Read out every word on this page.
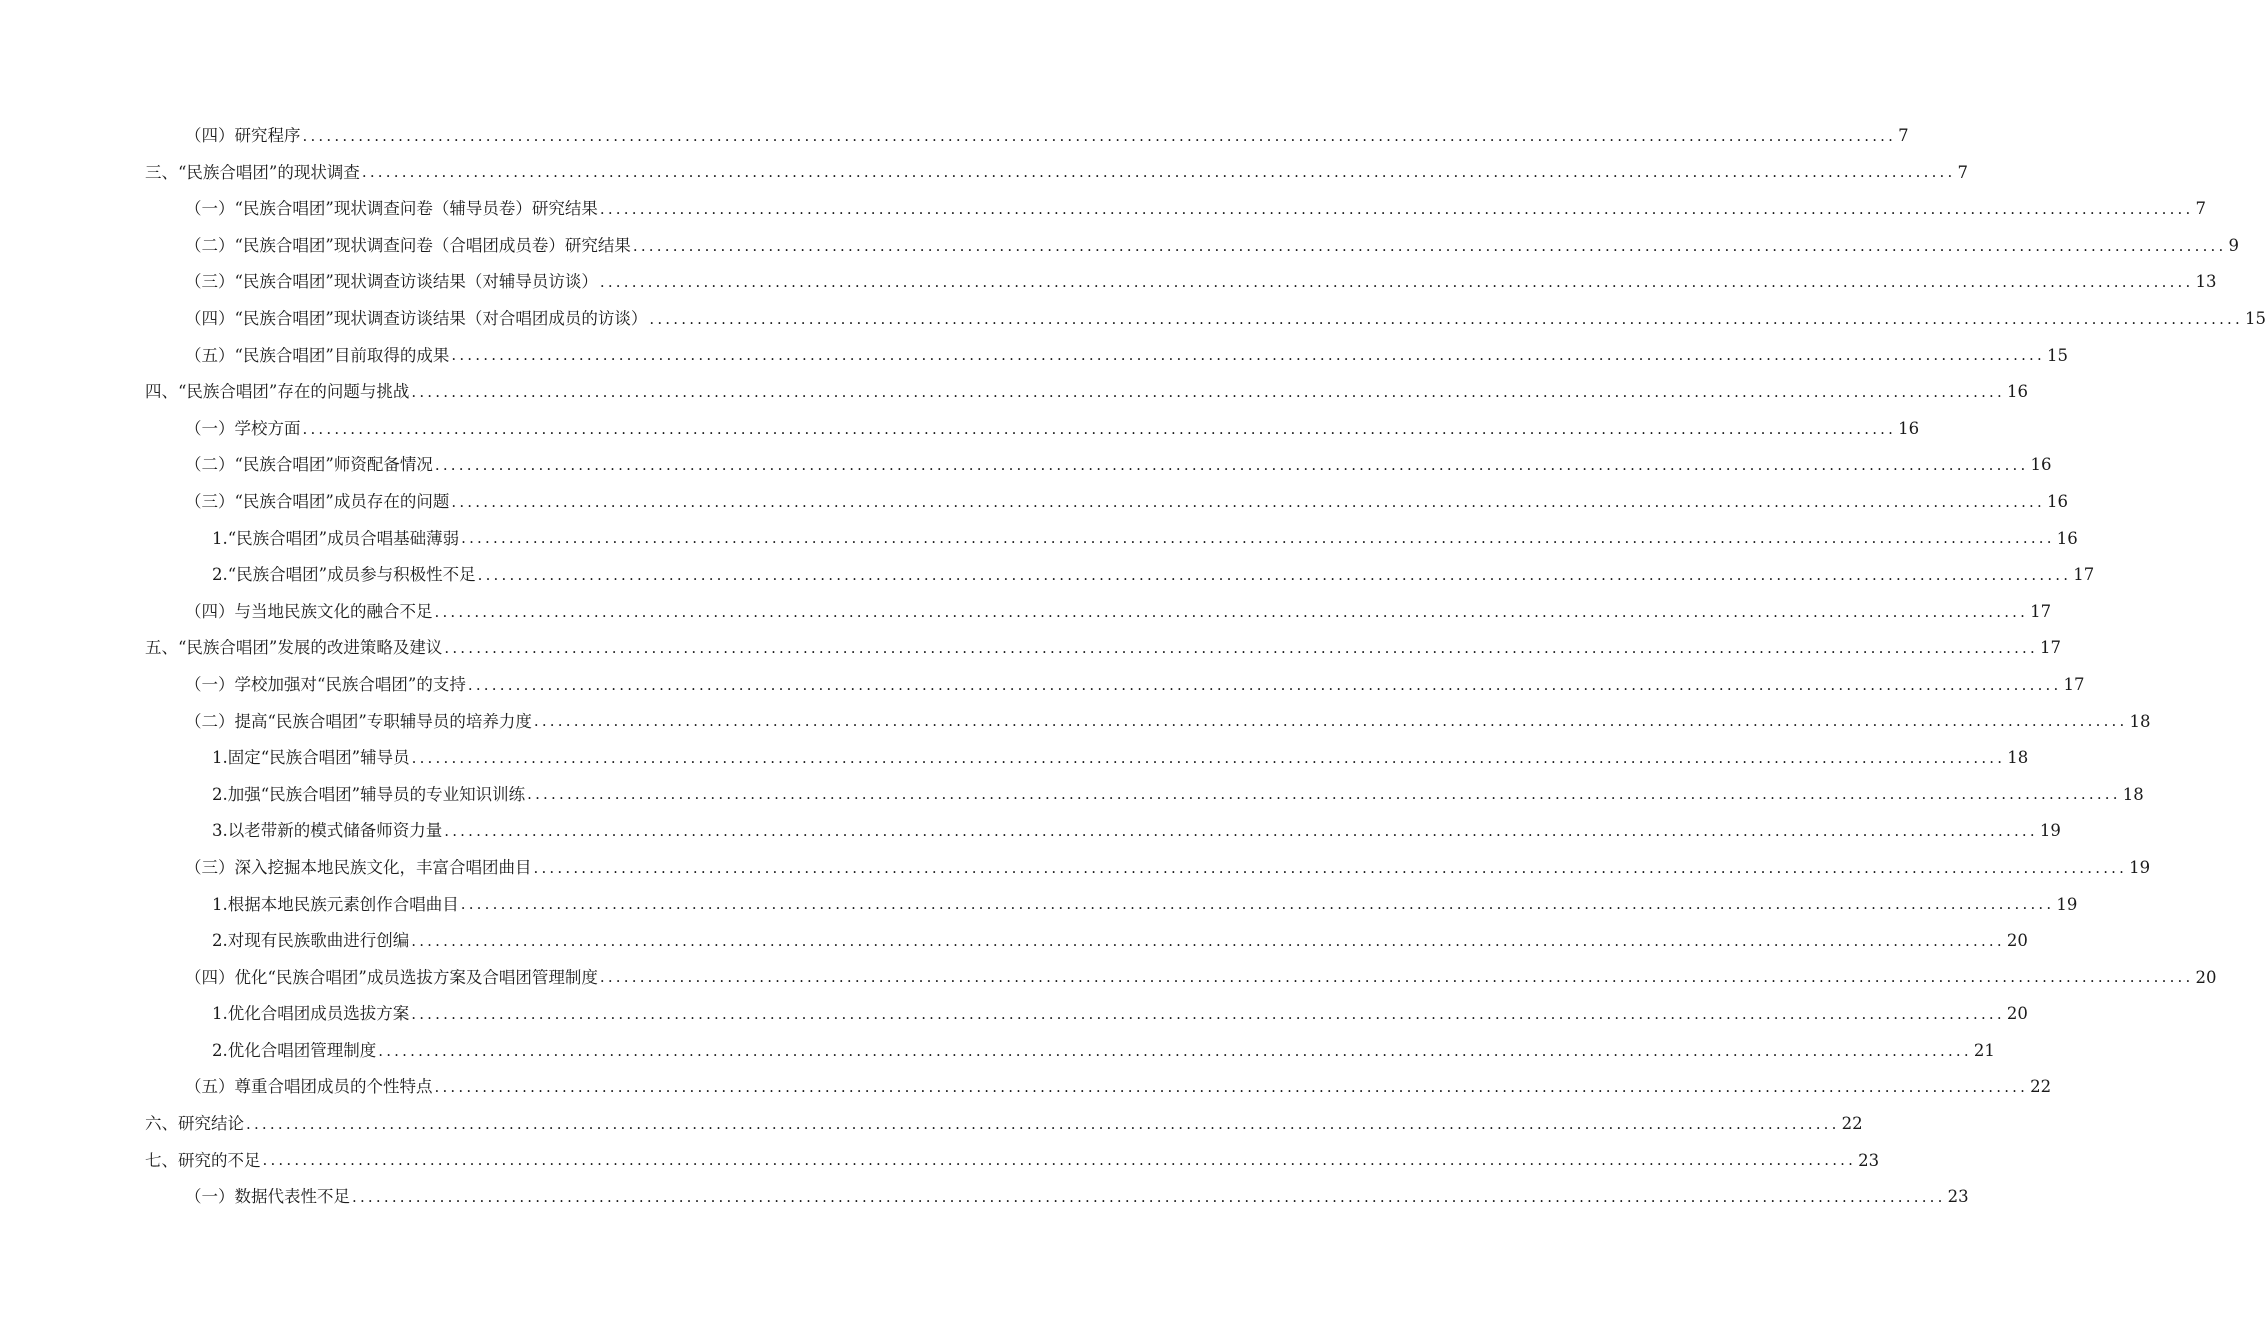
（四）研究程序 ........................................................................................................................................................................................................ 7
三、“民族合唱团”的现状调查 ........................................................................................................................................................................................................ 7
（一）“民族合唱团”现状调查问卷（辅导员卷）研究结果 ........................................................................................................................................................................................................ 7
（二）“民族合唱团”现状调查问卷（合唱团成员卷）研究结果 ........................................................................................................................................................................................................ 9
（三）“民族合唱团”现状调查访谈结果（对辅导员访谈） ........................................................................................................................................................................................................ 13
（四）“民族合唱团”现状调查访谈结果（对合唱团成员的访谈） ........................................................................................................................................................................................................ 15
（五）“民族合唱团”目前取得的成果 ........................................................................................................................................................................................................ 15
四、“民族合唱团”存在的问题与挑战 ........................................................................................................................................................................................................ 16
（一）学校方面 ........................................................................................................................................................................................................ 16
（二）“民族合唱团”师资配备情况 ........................................................................................................................................................................................................ 16
（三）“民族合唱团”成员存在的问题 ........................................................................................................................................................................................................ 16
1.“民族合唱团”成员合唱基础薄弱 ........................................................................................................................................................................................................ 16
2.“民族合唱团”成员参与积极性不足 ........................................................................................................................................................................................................ 17
（四）与当地民族文化的融合不足 ........................................................................................................................................................................................................ 17
五、“民族合唱团”发展的改进策略及建议 ........................................................................................................................................................................................................ 17
（一）学校加强对“民族合唱团”的支持 ........................................................................................................................................................................................................ 17
（二）提高“民族合唱团”专职辅导员的培养力度 ........................................................................................................................................................................................................ 18
1.固定“民族合唱团”辅导员 ........................................................................................................................................................................................................ 18
2.加强“民族合唱团”辅导员的专业知识训练 ........................................................................................................................................................................................................ 18
3.以老带新的模式储备师资力量 ........................................................................................................................................................................................................ 19
（三）深入挖掘本地民族文化，丰富合唱团曲目 ........................................................................................................................................................................................................ 19
1.根据本地民族元素创作合唱曲目 ........................................................................................................................................................................................................ 19
2.对现有民族歌曲进行创编 ........................................................................................................................................................................................................ 20
（四）优化“民族合唱团”成员选拔方案及合唱团管理制度 ........................................................................................................................................................................................................ 20
1.优化合唱团成员选拔方案 ........................................................................................................................................................................................................ 20
2.优化合唱团管理制度 ........................................................................................................................................................................................................ 21
（五）尊重合唱团成员的个性特点 ........................................................................................................................................................................................................ 22
六、研究结论 ........................................................................................................................................................................................................ 22
七、研究的不足 ........................................................................................................................................................................................................ 23
（一）数据代表性不足 ........................................................................................................................................................................................................ 23
